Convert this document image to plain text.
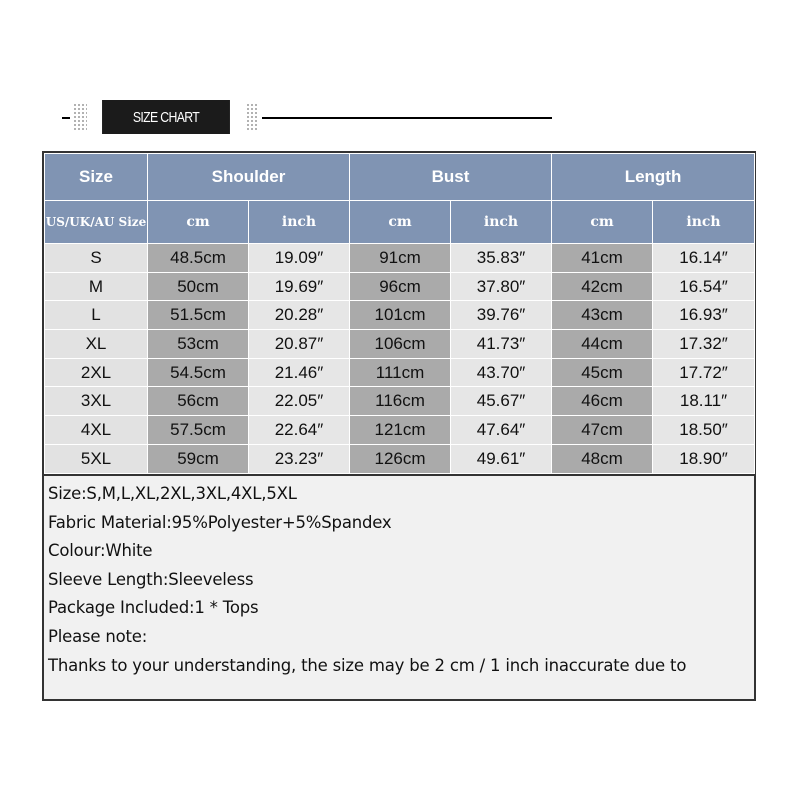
SIZE CHART
Size	Shoulder		Bust		Length	
US/UK/AU Size	cm	inch	cm	inch	cm	inch
S	48.5cm	19.09″	91cm	35.83″	41cm	16.14″
M	50cm	19.69″	96cm	37.80″	42cm	16.54″
L	51.5cm	20.28″	101cm	39.76″	43cm	16.93″
XL	53cm	20.87″	106cm	41.73″	44cm	17.32″
2XL	54.5cm	21.46″	111cm	43.70″	45cm	17.72″
3XL	56cm	22.05″	116cm	45.67″	46cm	18.11″
4XL	57.5cm	22.64″	121cm	47.64″	47cm	18.50″
5XL	59cm	23.23″	126cm	49.61″	48cm	18.90″
Size:S,M,L,XL,2XL,3XL,4XL,5XL
Fabric Material:95%Polyester+5%Spandex
Colour:White
Sleeve Length:Sleeveless
Package Included:1 * Tops
Please note:
Thanks to your understanding, the size may be 2 cm / 1 inch inaccurate due to
